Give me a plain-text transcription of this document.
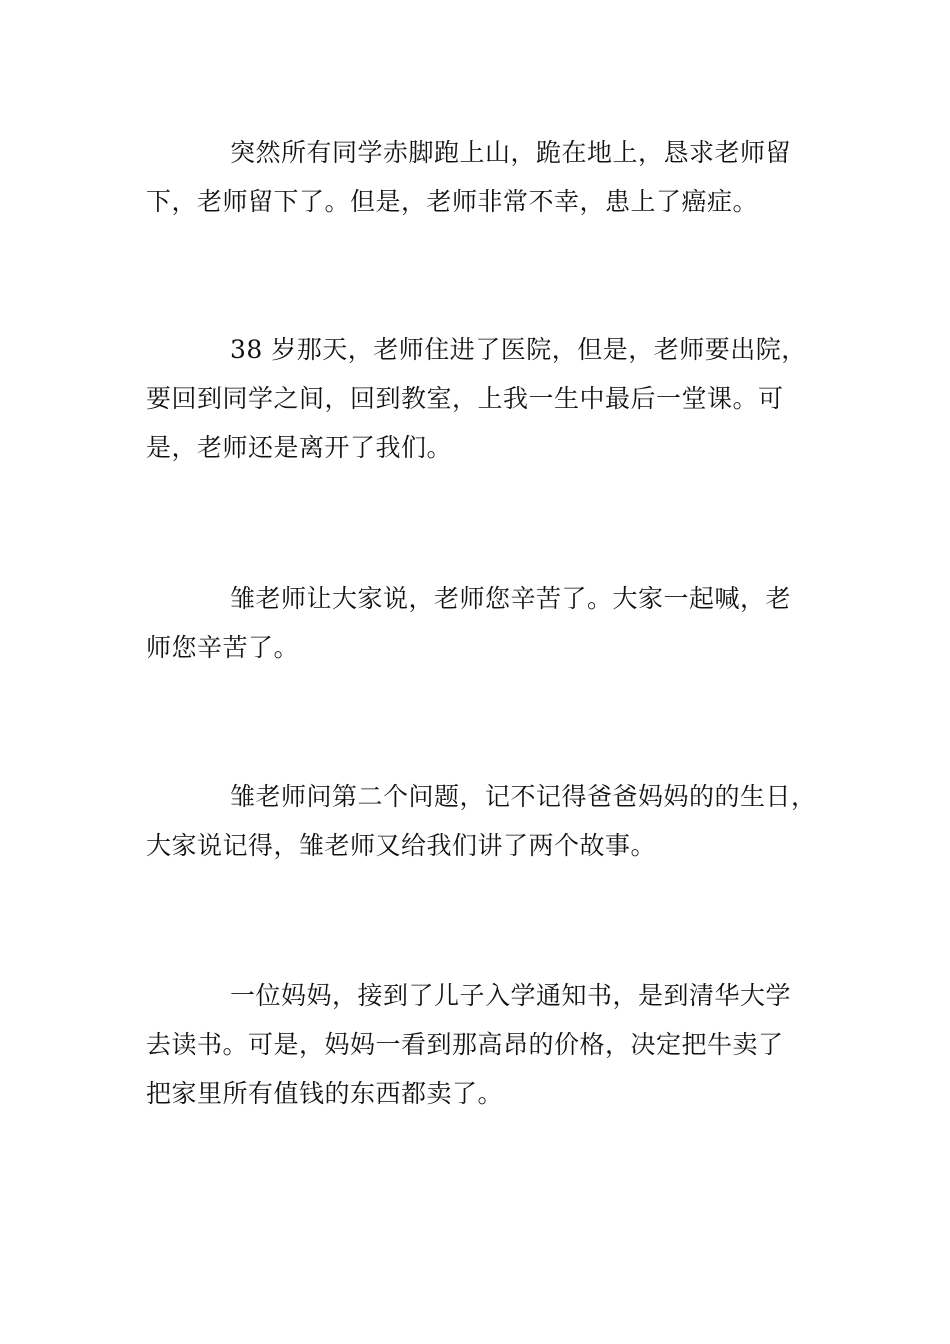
突然所有同学赤脚跑上山，跪在地上，恳求老师留
下，老师留下了。但是，老师非常不幸，患上了癌症。

38 岁那天，老师住进了医院，但是，老师要出院，
要回到同学之间，回到教室，上我一生中最后一堂课。可
是，老师还是离开了我们。

雏老师让大家说，老师您辛苦了。大家一起喊，老
师您辛苦了。

雏老师问第二个问题，记不记得爸爸妈妈的的生日，
大家说记得，雏老师又给我们讲了两个故事。

一位妈妈，接到了儿子入学通知书，是到清华大学
去读书。可是，妈妈一看到那高昂的价格，决定把牛卖了
把家里所有值钱的东西都卖了。
